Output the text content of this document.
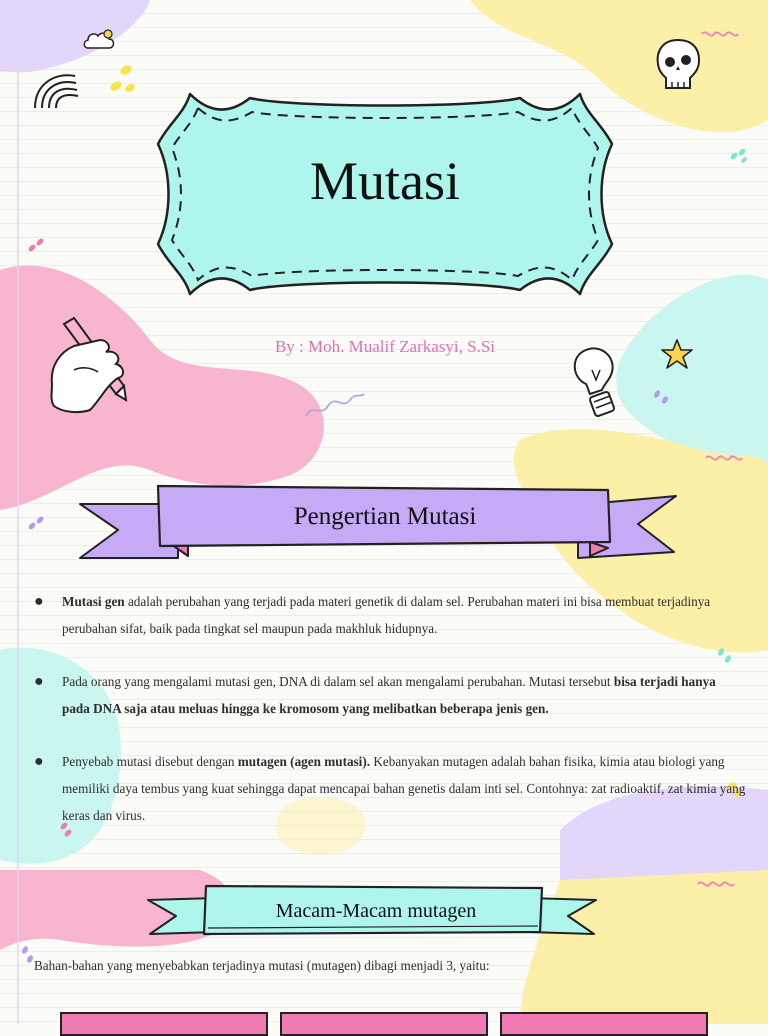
Mutasi
By : Moh. Mualif Zarkasyi, S.Si
Pengertian Mutasi
● Mutasi gen adalah perubahan yang terjadi pada materi genetik di dalam sel. Perubahan materi ini bisa membuat terjadinya perubahan sifat, baik pada tingkat sel maupun pada makhluk hidupnya.
● Pada orang yang mengalami mutasi gen, DNA di dalam sel akan mengalami perubahan. Mutasi tersebut bisa terjadi hanya pada DNA saja atau meluas hingga ke kromosom yang melibatkan beberapa jenis gen.
● Penyebab mutasi disebut dengan mutagen (agen mutasi). Kebanyakan mutagen adalah bahan fisika, kimia atau biologi yang memiliki daya tembus yang kuat sehingga dapat mencapai bahan genetis dalam inti sel. Contohnya: zat radioaktif, zat kimia yang keras dan virus.
Macam-Macam mutagen
Bahan-bahan yang menyebabkan terjadinya mutasi (mutagen) dibagi menjadi 3, yaitu:
